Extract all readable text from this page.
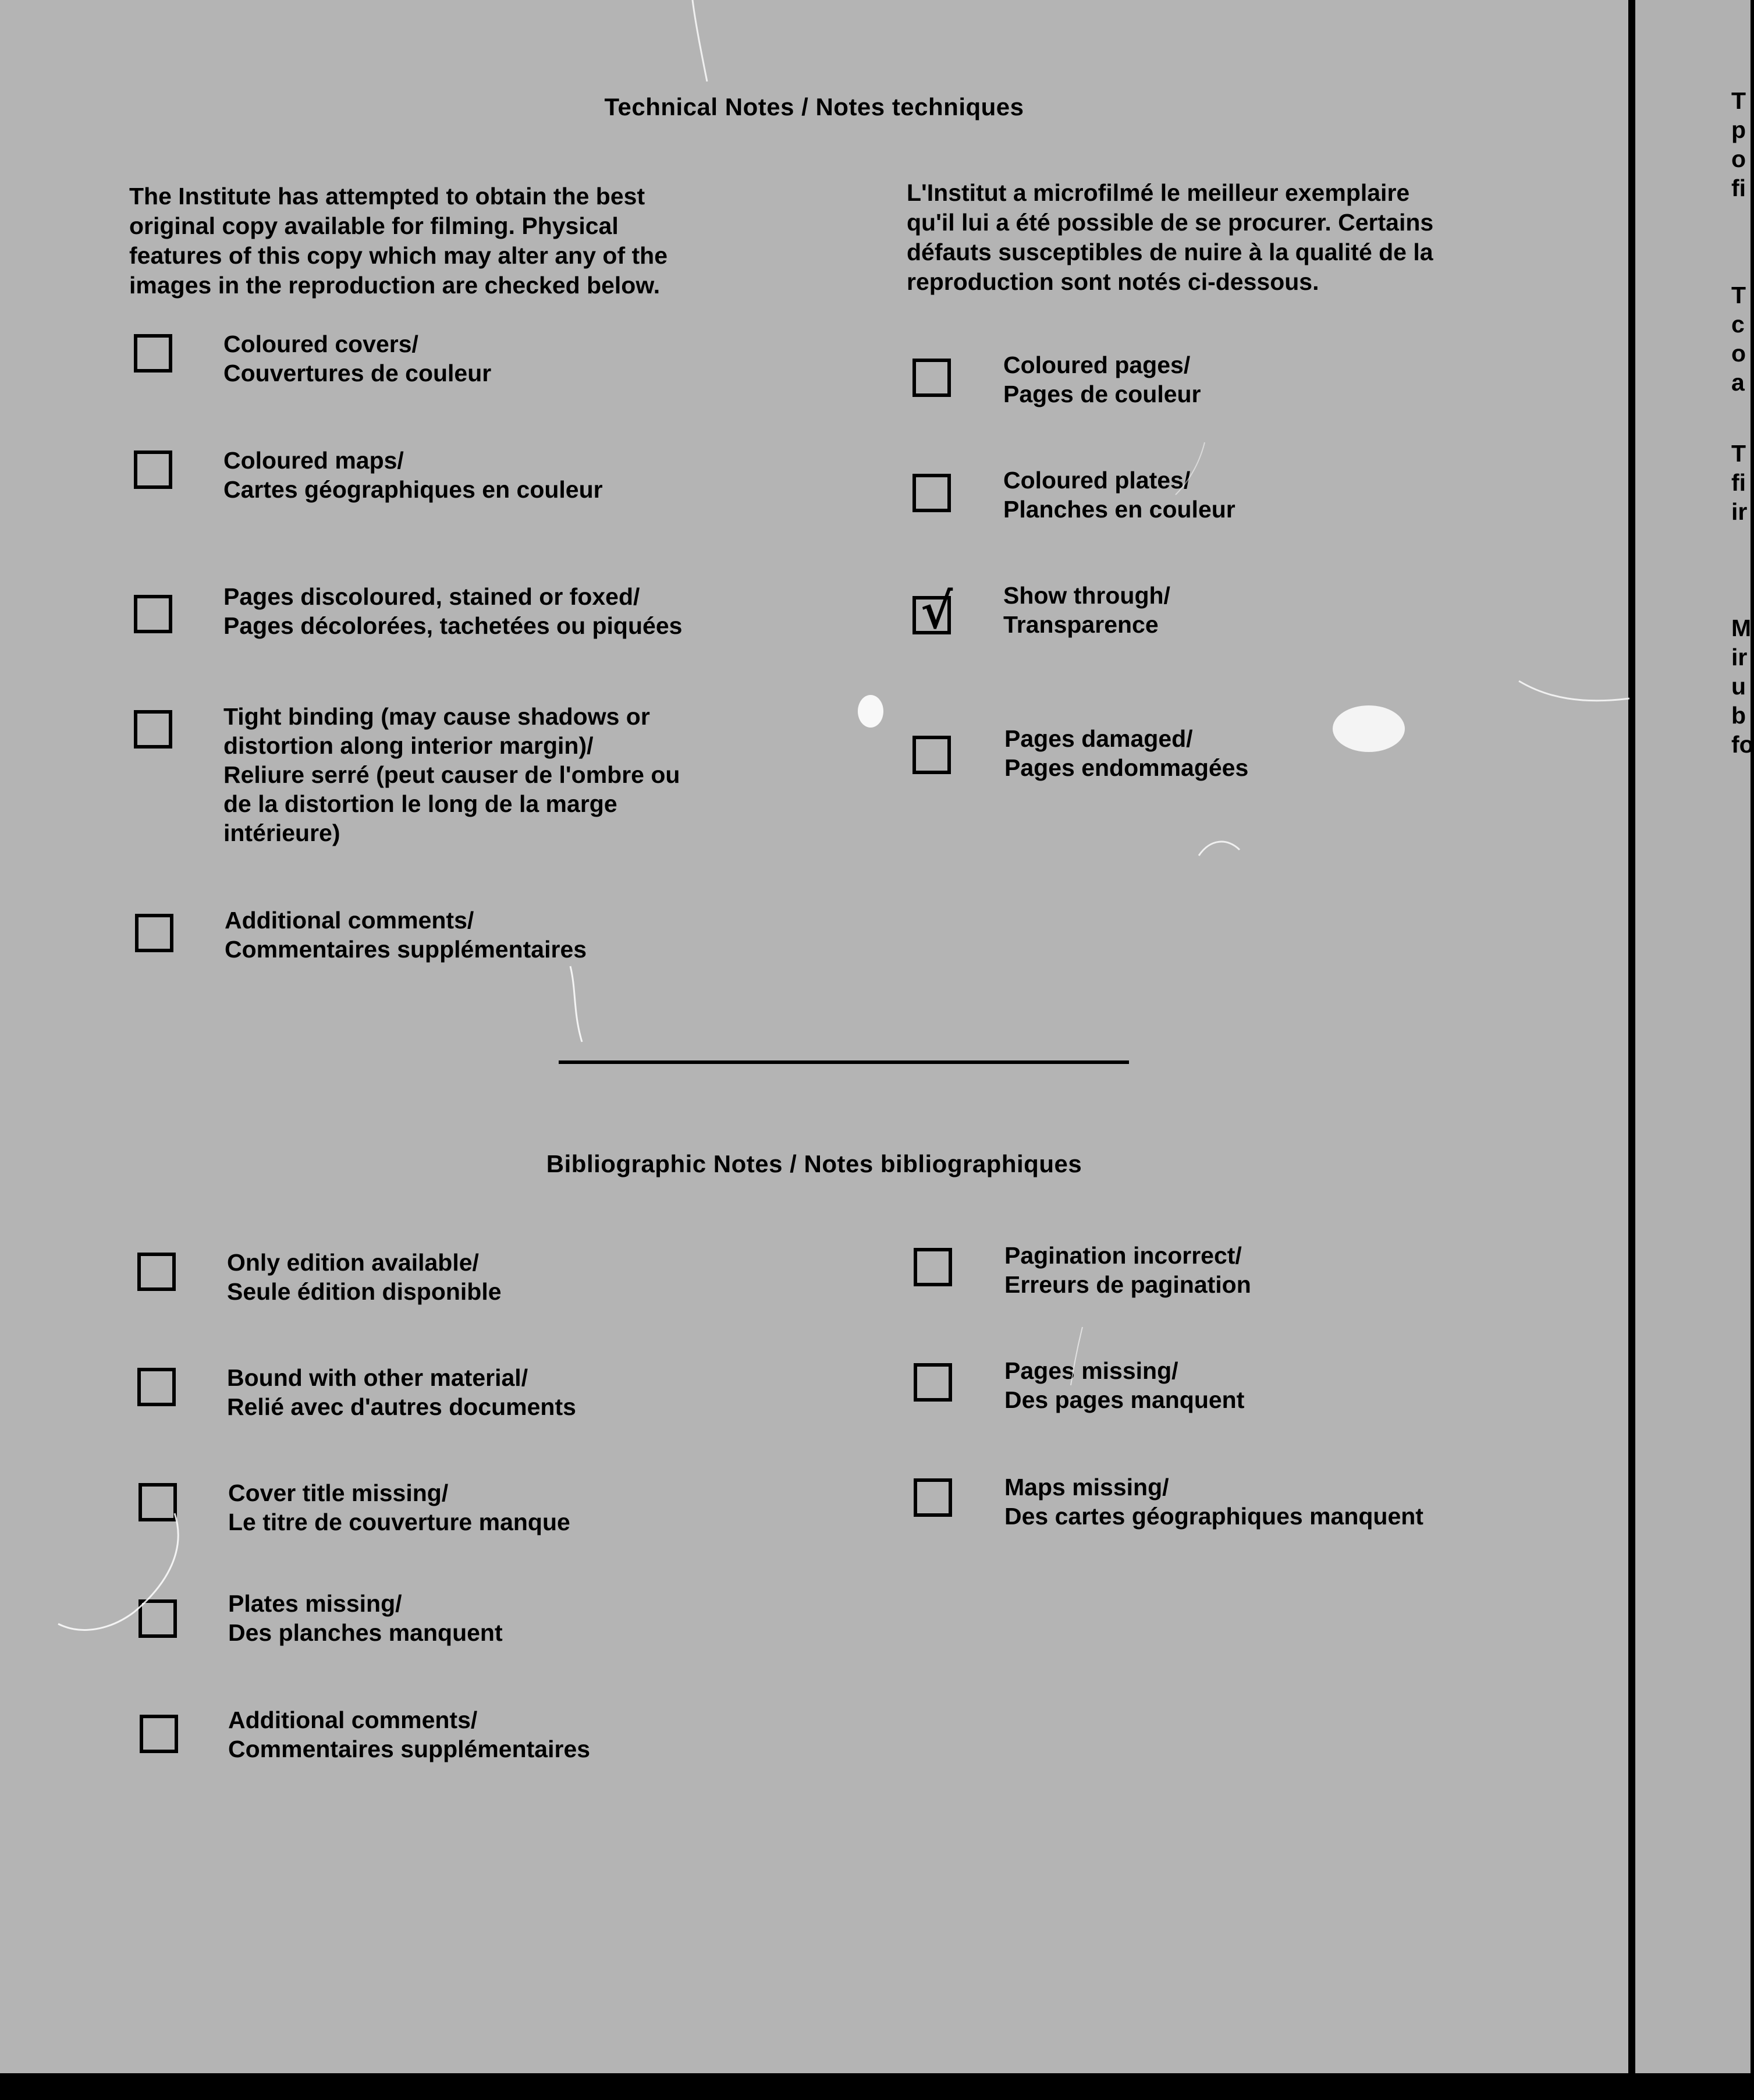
Technical Notes / Notes techniques
The Institute has attempted to obtain the best
original copy available for filming. Physical
features of this copy which may alter any of the
images in the reproduction are checked below.
L'Institut a microfilmé le meilleur exemplaire
qu'il lui a été possible de se procurer. Certains
défauts susceptibles de nuire à la qualité de la
reproduction sont notés ci-dessous.
Coloured covers/
Couvertures de couleur
Coloured maps/
Cartes géographiques en couleur
Pages discoloured, stained or foxed/
Pages décolorées, tachetées ou piquées
Tight binding (may cause shadows or
distortion along interior margin)/
Reliure serré (peut causer de l'ombre ou
de la distortion le long de la marge
intérieure)
Additional comments/
Commentaires supplémentaires
Coloured pages/
Pages de couleur
Coloured plates/
Planches en couleur
√ Show through/
Transparence
Pages damaged/
Pages endommagées
Bibliographic Notes / Notes bibliographiques
Only edition available/
Seule édition disponible
Bound with other material/
Relié avec d'autres documents
Cover title missing/
Le titre de couverture manque
Plates missing/
Des planches manquent
Additional comments/
Commentaires supplémentaires
Pagination incorrect/
Erreurs de pagination
Pages missing/
Des pages manquent
Maps missing/
Des cartes géographiques manquent
T
p
o
fi
T
c
o
a
T
fi
ir
M
ir
u
b
fo
